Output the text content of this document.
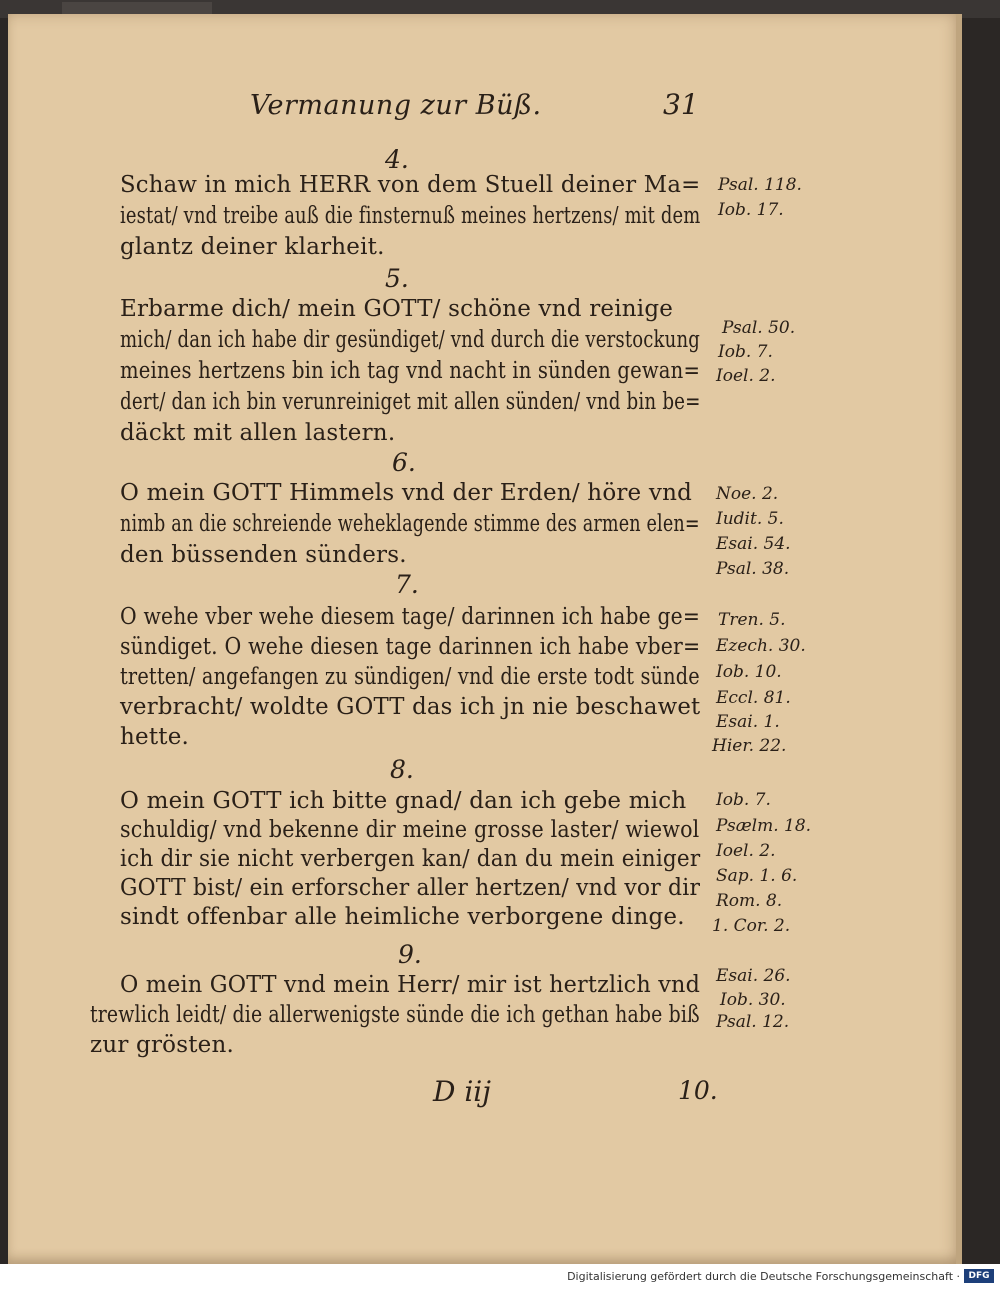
Vermanung zur Büß.	31
4.
Schaw in mich HERR von dem Stuell deiner Ma=
iestat/ vnd treibe auß die finsternuß meines hertzens/ mit dem
glantz deiner klarheit.
Psal. 118.
Iob. 17.
5.
Erbarme dich/ mein GOTT/ schöne vnd reinige
mich/ dan ich habe dir gesündiget/ vnd durch die verstockung
meines hertzens bin ich tag vnd nacht in sünden gewan=
dert/ dan ich bin verunreiniget mit allen sünden/ vnd bin be=
däckt mit allen lastern.
Psal. 50.
Iob. 7.
Ioel. 2.
6.
O mein GOTT Himmels vnd der Erden/ höre vnd
nimb an die schreiende weheklagende stimme des armen elen=
den büssenden sünders.
Noe. 2.
Iudit. 5.
Esai. 54.
Psal. 38.
7.
O wehe vber wehe diesem tage/ darinnen ich habe ge=
sündiget. O wehe diesen tage darinnen ich habe vber=
tretten/ angefangen zu sündigen/ vnd die erste todt sünde
verbracht/ woldte GOTT das ich jn nie beschawet
hette.
Tren. 5.
Ezech. 30.
Iob. 10.
Eccl. 81.
Esai. 1.
Hier. 22.
8.
O mein GOTT ich bitte gnad/ dan ich gebe mich
schuldig/ vnd bekenne dir meine grosse laster/ wiewol
ich dir sie nicht verbergen kan/ dan du mein einiger
GOTT bist/ ein erforscher aller hertzen/ vnd vor dir
sindt offenbar alle heimliche verborgene dinge.
Iob. 7.
Psælm. 18.
Ioel. 2.
Sap. 1. 6.
Rom. 8.
1. Cor. 2.
9.
O mein GOTT vnd mein Herr/ mir ist hertzlich vnd
trewlich leidt/ die allerwenigste sünde die ich gethan habe biß
zur grösten.
Esai. 26.
Iob. 30.
Psal. 12.
D iij	10.
Digitalisierung gefördert durch die Deutsche Forschungsgemeinschaft · DFG
